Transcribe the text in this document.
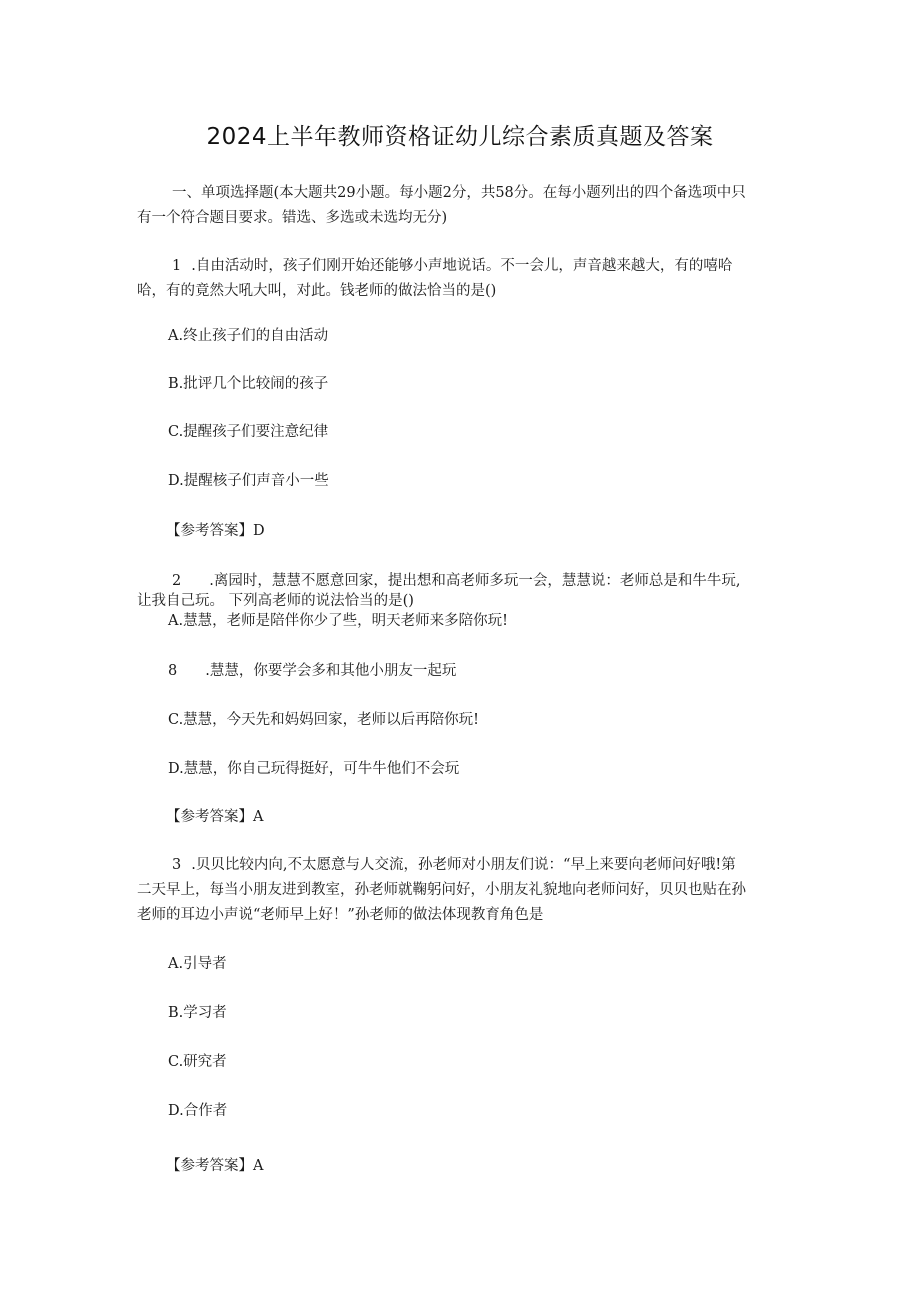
2024上半年教师资格证幼儿综合素质真题及答案
一、单项选择题(本大题共29小题。每小题2分，共58分。在每小题列出的四个备选项中只
有一个符合题目要求。错选、多选或未选均无分)
1 .自由活动时，孩子们刚开始还能够小声地说话。不一会儿，声音越来越大，有的嘻哈
哈，有的竟然大吼大叫，对此。钱老师的做法恰当的是()
A.终止孩子们的自由活动
B.批评几个比较闹的孩子
C.提醒孩子们要注意纪律
D.提醒核子们声音小一些
【参考答案】D
2 .离园时，慧慧不愿意回家，提出想和高老师多玩一会，慧慧说：老师总是和牛牛玩,
让我自己玩。 下列高老师的说法恰当的是()
A.慧慧，老师是陪伴你少了些，明天老师来多陪你玩!
8 .慧慧，你要学会多和其他小朋友一起玩
C.慧慧，今天先和妈妈回家，老师以后再陪你玩!
D.慧慧，你自己玩得挺好，可牛牛他们不会玩
【参考答案】A
3 .贝贝比较内向,不太愿意与人交流，孙老师对小朋友们说：“早上来要向老师问好哦!第
二天早上，每当小朋友进到教室，孙老师就鞠躬问好，小朋友礼貌地向老师问好，贝贝也贴在孙
老师的耳边小声说“老师早上好！”孙老师的做法体现教育角色是
A.引导者
B.学习者
C.研究者
D.合作者
【参考答案】A
